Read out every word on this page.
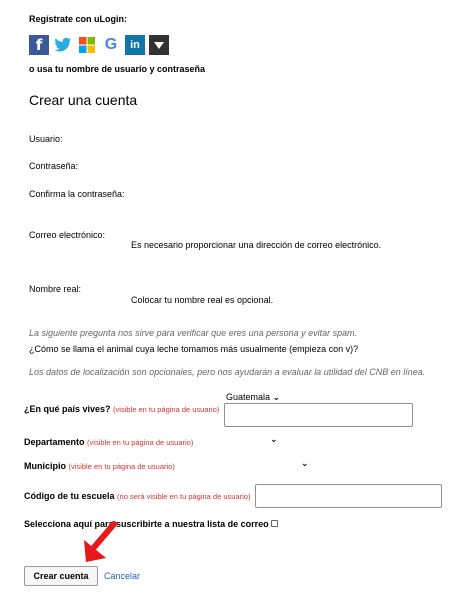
Regístrate con uLogin:
f	G in
o usa tu nombre de usuario y contraseña
Crear una cuenta
Usuario:
Contraseña:
Confirma la contraseña:
Correo electrónico:
Es necesario proporcionar una dirección de correo electrónico.
Nombre real:
Colocar tu nombre real es opcional.
La siguiente pregunta nos sirve para verificar que eres una persona y evitar spam.
¿Cómo se llama el animal cuya leche tomamos más usualmente (empieza con v)?
Los datos de localización son opcionales, pero nos ayudarán a evaluar la utilidad del CNB en línea.
Guatemala ⌄
¿En qué país vives? (visible en tu página de usuario)
Departamento (visible en tu página de usuario)	⌄
Municipio (visible en tu página de usuario)	⌄
Código de tu escuela (no será visible en tu página de usuario)
Selecciona aquí para suscribirte a nuestra lista de correo
Crear cuenta	Cancelar
